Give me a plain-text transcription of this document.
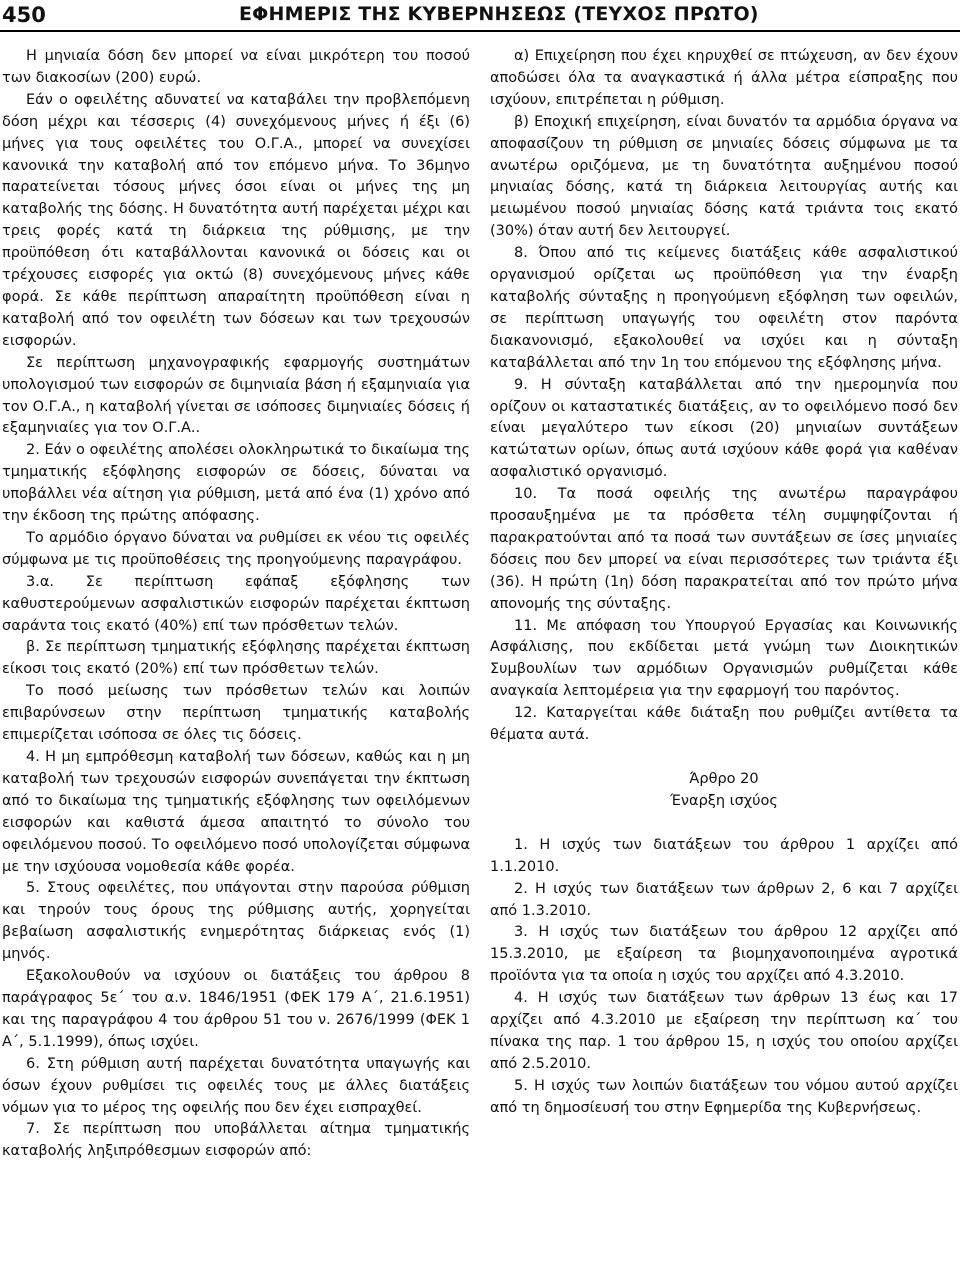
450	ΕΦΗΜΕΡΙΣ ΤΗΣ ΚΥΒΕΡΝΗΣΕΩΣ (ΤΕΥΧΟΣ ΠΡΩΤΟ)

Η μηνιαία δόση δεν μπορεί να είναι μικρότερη του ποσού των διακοσίων (200) ευρώ.

Εάν ο οφειλέτης αδυνατεί να καταβάλει την προβλεπόμενη δόση μέχρι και τέσσερις (4) συνεχόμενους μήνες ή έξι (6) μήνες για τους οφειλέτες του Ο.Γ.Α., μπορεί να συνεχίσει κανονικά την καταβολή από τον επόμενο μήνα. Το 36μηνο παρατείνεται τόσους μήνες όσοι είναι οι μήνες της μη καταβολής της δόσης. Η δυνατότητα αυτή παρέχεται μέχρι και τρεις φορές κατά τη διάρκεια της ρύθμισης, με την προϋπόθεση ότι καταβάλλονται κανονικά οι δόσεις και οι τρέχουσες εισφορές για οκτώ (8) συνεχόμενους μήνες κάθε φορά. Σε κάθε περίπτωση απαραίτητη προϋπόθεση είναι η καταβολή από τον οφειλέτη των δόσεων και των τρεχουσών εισφορών.

Σε περίπτωση μηχανογραφικής εφαρμογής συστημάτων υπολογισμού των εισφορών σε διμηνιαία βάση ή εξαμηνιαία για τον Ο.Γ.Α., η καταβολή γίνεται σε ισόποσες διμηνιαίες δόσεις ή εξαμηνιαίες για τον Ο.Γ.Α..

2. Εάν ο οφειλέτης απολέσει ολοκληρωτικά το δικαίωμα της τμηματικής εξόφλησης εισφορών σε δόσεις, δύναται να υποβάλλει νέα αίτηση για ρύθμιση, μετά από ένα (1) χρόνο από την έκδοση της πρώτης απόφασης.

Το αρμόδιο όργανο δύναται να ρυθμίσει εκ νέου τις οφειλές σύμφωνα με τις προϋποθέσεις της προηγούμενης παραγράφου.

3.α. Σε περίπτωση εφάπαξ εξόφλησης των καθυστερούμενων ασφαλιστικών εισφορών παρέχεται έκπτωση σαράντα τοις εκατό (40%) επί των πρόσθετων τελών.

β. Σε περίπτωση τμηματικής εξόφλησης παρέχεται έκπτωση είκοσι τοις εκατό (20%) επί των πρόσθετων τελών.

Το ποσό μείωσης των πρόσθετων τελών και λοιπών επιβαρύνσεων στην περίπτωση τμηματικής καταβολής επιμερίζεται ισόποσα σε όλες τις δόσεις.

4. Η μη εμπρόθεσμη καταβολή των δόσεων, καθώς και η μη καταβολή των τρεχουσών εισφορών συνεπάγεται την έκπτωση από το δικαίωμα της τμηματικής εξόφλησης των οφειλόμενων εισφορών και καθιστά άμεσα απαιτητό το σύνολο του οφειλόμενου ποσού. Το οφειλόμενο ποσό υπολογίζεται σύμφωνα με την ισχύουσα νομοθεσία κάθε φορέα.

5. Στους οφειλέτες, που υπάγονται στην παρούσα ρύθμιση και τηρούν τους όρους της ρύθμισης αυτής, χορηγείται βεβαίωση ασφαλιστικής ενημερότητας διάρκειας ενός (1) μηνός.

Εξακολουθούν να ισχύουν οι διατάξεις του άρθρου 8 παράγραφος 5ε΄ του α.ν. 1846/1951 (ΦΕΚ 179 Α΄, 21.6.1951) και της παραγράφου 4 του άρθρου 51 του ν. 2676/1999 (ΦΕΚ 1 Α΄, 5.1.1999), όπως ισχύει.

6. Στη ρύθμιση αυτή παρέχεται δυνατότητα υπαγωγής και όσων έχουν ρυθμίσει τις οφειλές τους με άλλες διατάξεις νόμων για το μέρος της οφειλής που δεν έχει εισπραχθεί.

7. Σε περίπτωση που υποβάλλεται αίτημα τμηματικής καταβολής ληξιπρόθεσμων εισφορών από:

α) Επιχείρηση που έχει κηρυχθεί σε πτώχευση, αν δεν έχουν αποδώσει όλα τα αναγκαστικά ή άλλα μέτρα είσπραξης που ισχύουν, επιτρέπεται η ρύθμιση.

β) Εποχική επιχείρηση, είναι δυνατόν τα αρμόδια όργανα να αποφασίζουν τη ρύθμιση σε μηνιαίες δόσεις σύμφωνα με τα ανωτέρω οριζόμενα, με τη δυνατότητα αυξημένου ποσού μηνιαίας δόσης, κατά τη διάρκεια λειτουργίας αυτής και μειωμένου ποσού μηνιαίας δόσης κατά τριάντα τοις εκατό (30%) όταν αυτή δεν λειτουργεί.

8. Όπου από τις κείμενες διατάξεις κάθε ασφαλιστικού οργανισμού ορίζεται ως προϋπόθεση για την έναρξη καταβολής σύνταξης η προηγούμενη εξόφληση των οφειλών, σε περίπτωση υπαγωγής του οφειλέτη στον παρόντα διακανονισμό, εξακολουθεί να ισχύει και η σύνταξη καταβάλλεται από την 1η του επόμενου της εξόφλησης μήνα.

9. Η σύνταξη καταβάλλεται από την ημερομηνία που ορίζουν οι καταστατικές διατάξεις, αν το οφειλόμενο ποσό δεν είναι μεγαλύτερο των είκοσι (20) μηνιαίων συντάξεων κατώτατων ορίων, όπως αυτά ισχύουν κάθε φορά για καθέναν ασφαλιστικό οργανισμό.

10. Τα ποσά οφειλής της ανωτέρω παραγράφου προσαυξημένα με τα πρόσθετα τέλη συμψηφίζονται ή παρακρατούνται από τα ποσά των συντάξεων σε ίσες μηνιαίες δόσεις που δεν μπορεί να είναι περισσότερες των τριάντα έξι (36). Η πρώτη (1η) δόση παρακρατείται από τον πρώτο μήνα απονομής της σύνταξης.

11. Με απόφαση του Υπουργού Εργασίας και Κοινωνικής Ασφάλισης, που εκδίδεται μετά γνώμη των Διοικητικών Συμβουλίων των αρμόδιων Οργανισμών ρυθμίζεται κάθε αναγκαία λεπτομέρεια για την εφαρμογή του παρόντος.

12. Καταργείται κάθε διάταξη που ρυθμίζει αντίθετα τα θέματα αυτά.

Άρθρο 20

Έναρξη ισχύος

1. Η ισχύς των διατάξεων του άρθρου 1 αρχίζει από 1.1.2010.

2. Η ισχύς των διατάξεων των άρθρων 2, 6 και 7 αρχίζει από 1.3.2010.

3. Η ισχύς των διατάξεων του άρθρου 12 αρχίζει από 15.3.2010, με εξαίρεση τα βιομηχανοποιημένα αγροτικά προϊόντα για τα οποία η ισχύς του αρχίζει από 4.3.2010.

4. Η ισχύς των διατάξεων των άρθρων 13 έως και 17 αρχίζει από 4.3.2010 με εξαίρεση την περίπτωση κα΄ του πίνακα της παρ. 1 του άρθρου 15, η ισχύς του οποίου αρχίζει από 2.5.2010.

5. Η ισχύς των λοιπών διατάξεων του νόμου αυτού αρχίζει από τη δημοσίευσή του στην Εφημερίδα της Κυβερνήσεως.
